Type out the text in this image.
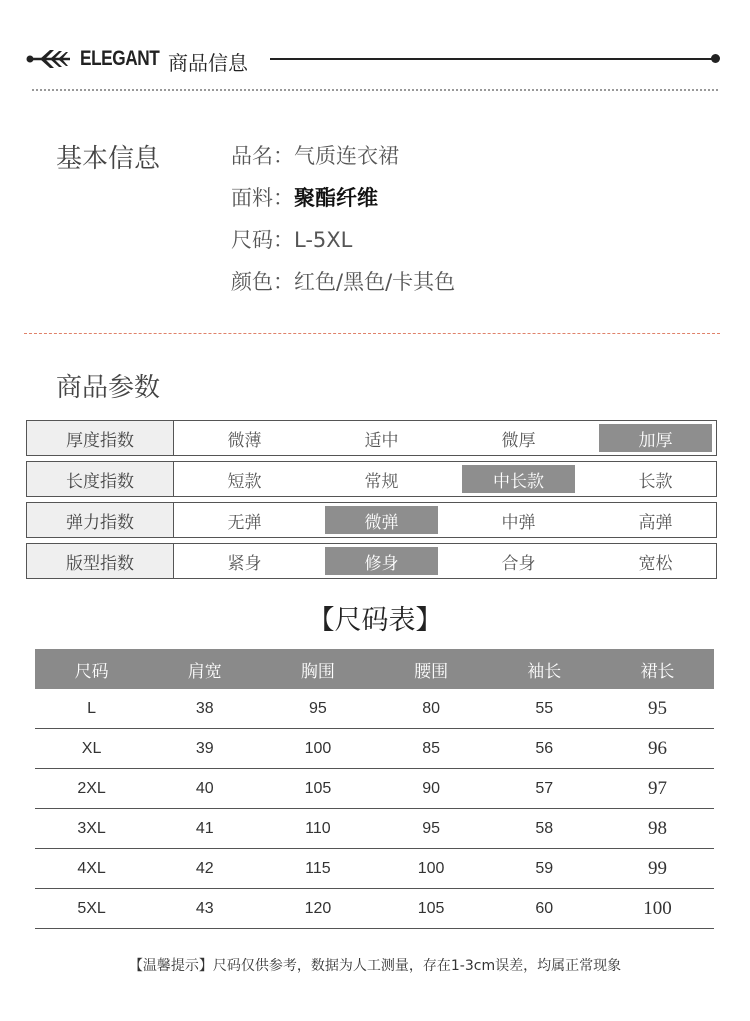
ELEGANT 商品信息
基本信息	品名：气质连衣裙
面料：聚酯纤维
尺码：L-5XL
颜色：红色/黑色/卡其色
商品参数
厚度指数	微薄	适中	微厚	加厚
长度指数	短款	常规	中长款	长款
弹力指数	无弹	微弹	中弹	高弹
版型指数	紧身	修身	合身	宽松
【尺码表】
尺码	肩宽	胸围	腰围	袖长	裙长
L	38	95	80	55	95
XL	39	100	85	56	96
2XL	40	105	90	57	97
3XL	41	110	95	58	98
4XL	42	115	100	59	99
5XL	43	120	105	60	100
【温馨提示】尺码仅供参考，数据为人工测量，存在1-3cm误差，均属正常现象
